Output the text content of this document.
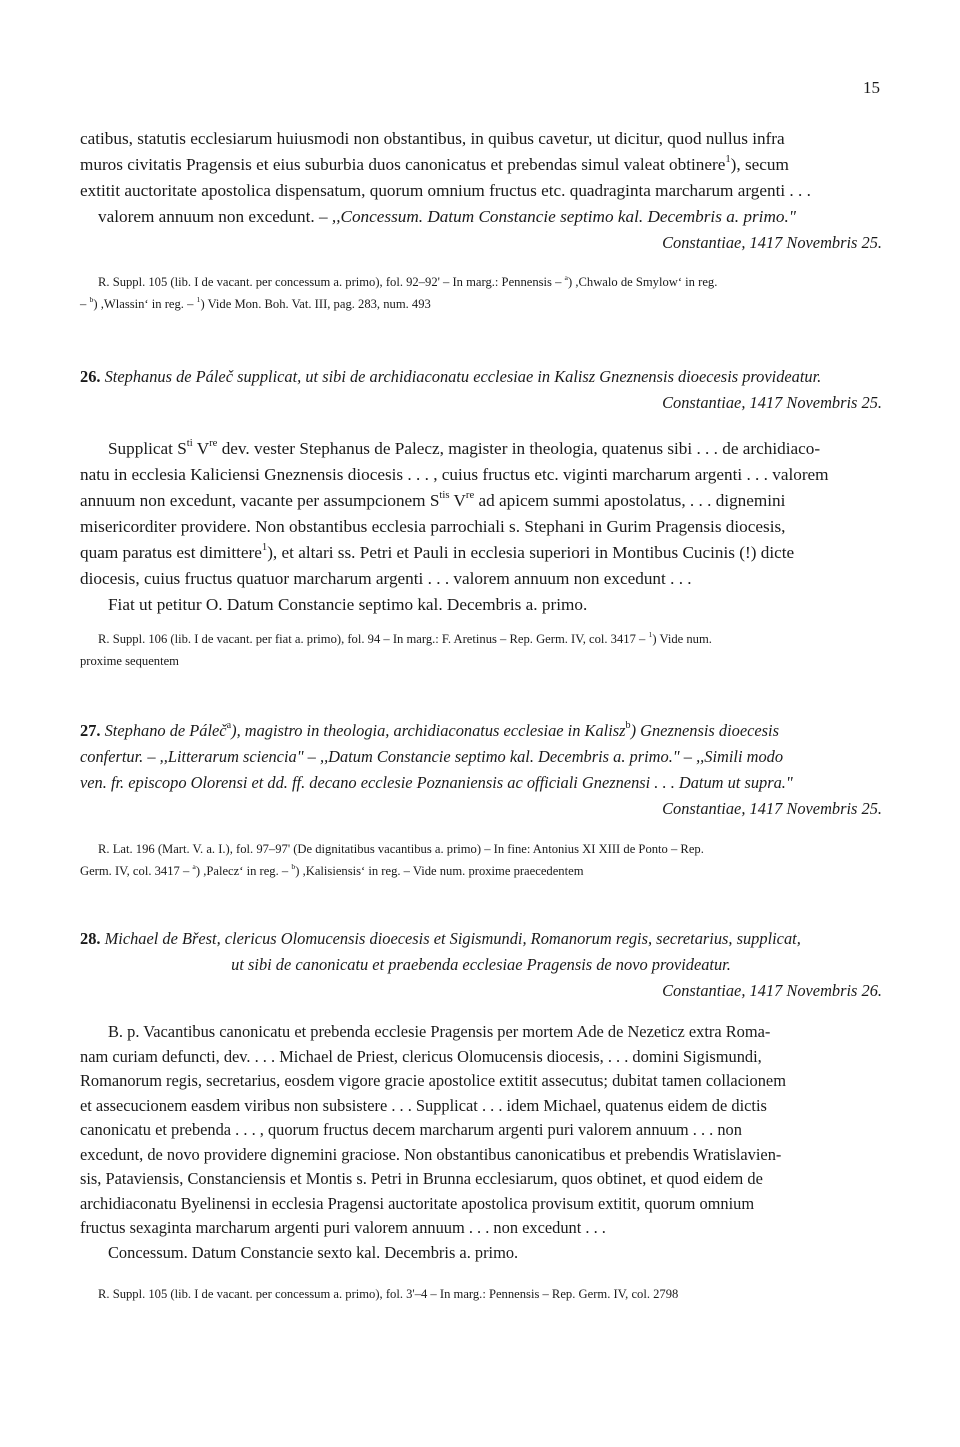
15

catibus, statutis ecclesiarum huiusmodi non obstantibus, in quibus cavetur, ut dicitur, quod nullus infra

muros civitatis Pragensis et eius suburbia duos canonicatus et prebendas simul valeat obtinere$^1$), secum

extitit auctoritate apostolica dispensatum, quorum omnium fructus etc. quadraginta marcharum argenti . . .

valorem annuum non excedunt. – ,,Concessum. Datum Constancie septimo kal. Decembris a. primo."

Constantiae, 1417 Novembris 25.

R. Suppl. 105 (lib. I de vacant. per concessum a. primo), fol. 92–92' – In marg.: Pennensis – $^a$) ,Chwalo de Smylow‘ in reg.

– $^b$) ,Wlassin‘ in reg. – $^1$) Vide Mon. Boh. Vat. III, pag. 283, num. 493

26. Stephanus de Páleč supplicat, ut sibi de archidiaconatu ecclesiae in Kalisz Gneznensis dioecesis provideatur.

Constantiae, 1417 Novembris 25.

Supplicat $S^{ti}$ Vre dev. vester Stephanus de Palecz, magister in theologia, quatenus sibi . . . de archidiaco-

natu in ecclesia Kaliciensi Gneznensis diocesis . . . , cuius fructus etc. viginti marcharum argenti . . . valorem

annuum non excedunt, vacante per assumpcionem $S^{tis}$ Vre ad apicem summi apostolatus, . . . dignemini

misericorditer providere. Non obstantibus ecclesia parrochiali s. Stephani in Gurim Pragensis diocesis,

quam paratus est dimittere$^1$), et altari ss. Petri et Pauli in ecclesia superiori in Montibus Cucinis (!) dicte

diocesis, cuius fructus quatuor marcharum argenti . . . valorem annuum non excedunt . . .

Fiat ut petitur O. Datum Constancie septimo kal. Decembris a. primo.

R. Suppl. 106 (lib. I de vacant. per fiat a. primo), fol. 94 – In marg.: F. Aretinus – Rep. Germ. IV, col. 3417 – $^1$) Vide num.

proxime sequentem

27. Stephano de Páleč$^a$), magistro in theologia, archidiaconatus ecclesiae in Kalisz$^b$) Gneznensis dioecesis

confertur. – ,,Litterarum sciencia" – ,,Datum Constancie septimo kal. Decembris a. primo." – ,,Simili modo

ven. fr. episcopo Olorensi et dd. ff. decano ecclesie Poznaniensis ac officiali Gneznensi . . . Datum ut supra."

Constantiae, 1417 Novembris 25.

R. Lat. 196 (Mart. V. a. I.), fol. 97–97' (De dignitatibus vacantibus a. primo) – In fine: Antonius XI XIII de Ponto – Rep.

Germ. IV, col. 3417 – $^a$) ,Palecz‘ in reg. – $^b$) ,Kalisiensis‘ in reg. – Vide num. proxime praecedentem

28. Michael de Břest, clericus Olomucensis dioecesis et Sigismundi, Romanorum regis, secretarius, supplicat,

ut sibi de canonicatu et praebenda ecclesiae Pragensis de novo provideatur.

Constantiae, 1417 Novembris 26.

B. p. Vacantibus canonicatu et prebenda ecclesie Pragensis per mortem Ade de Nezeticz extra Roma-

nam curiam defuncti, dev. . . . Michael de Priest, clericus Olomucensis diocesis, . . . domini Sigismundi,

Romanorum regis, secretarius, eosdem vigore gracie apostolice extitit assecutus; dubitat tamen collacionem

et assecucionem easdem viribus non subsistere . . . Supplicat . . . idem Michael, quatenus eidem de dictis

canonicatu et prebenda . . . , quorum fructus decem marcharum argenti puri valorem annuum . . . non

excedunt, de novo providere dignemini graciose. Non obstantibus canonicatibus et prebendis Wratislavien-

sis, Pataviensis, Constanciensis et Montis s. Petri in Brunna ecclesiarum, quos obtinet, et quod eidem de

archidiaconatu Byelinensi in ecclesia Pragensi auctoritate apostolica provisum extitit, quorum omnium

fructus sexaginta marcharum argenti puri valorem annuum . . . non excedunt . . .

Concessum. Datum Constancie sexto kal. Decembris a. primo.

R. Suppl. 105 (lib. I de vacant. per concessum a. primo), fol. 3'–4 – In marg.: Pennensis – Rep. Germ. IV, col. 2798
